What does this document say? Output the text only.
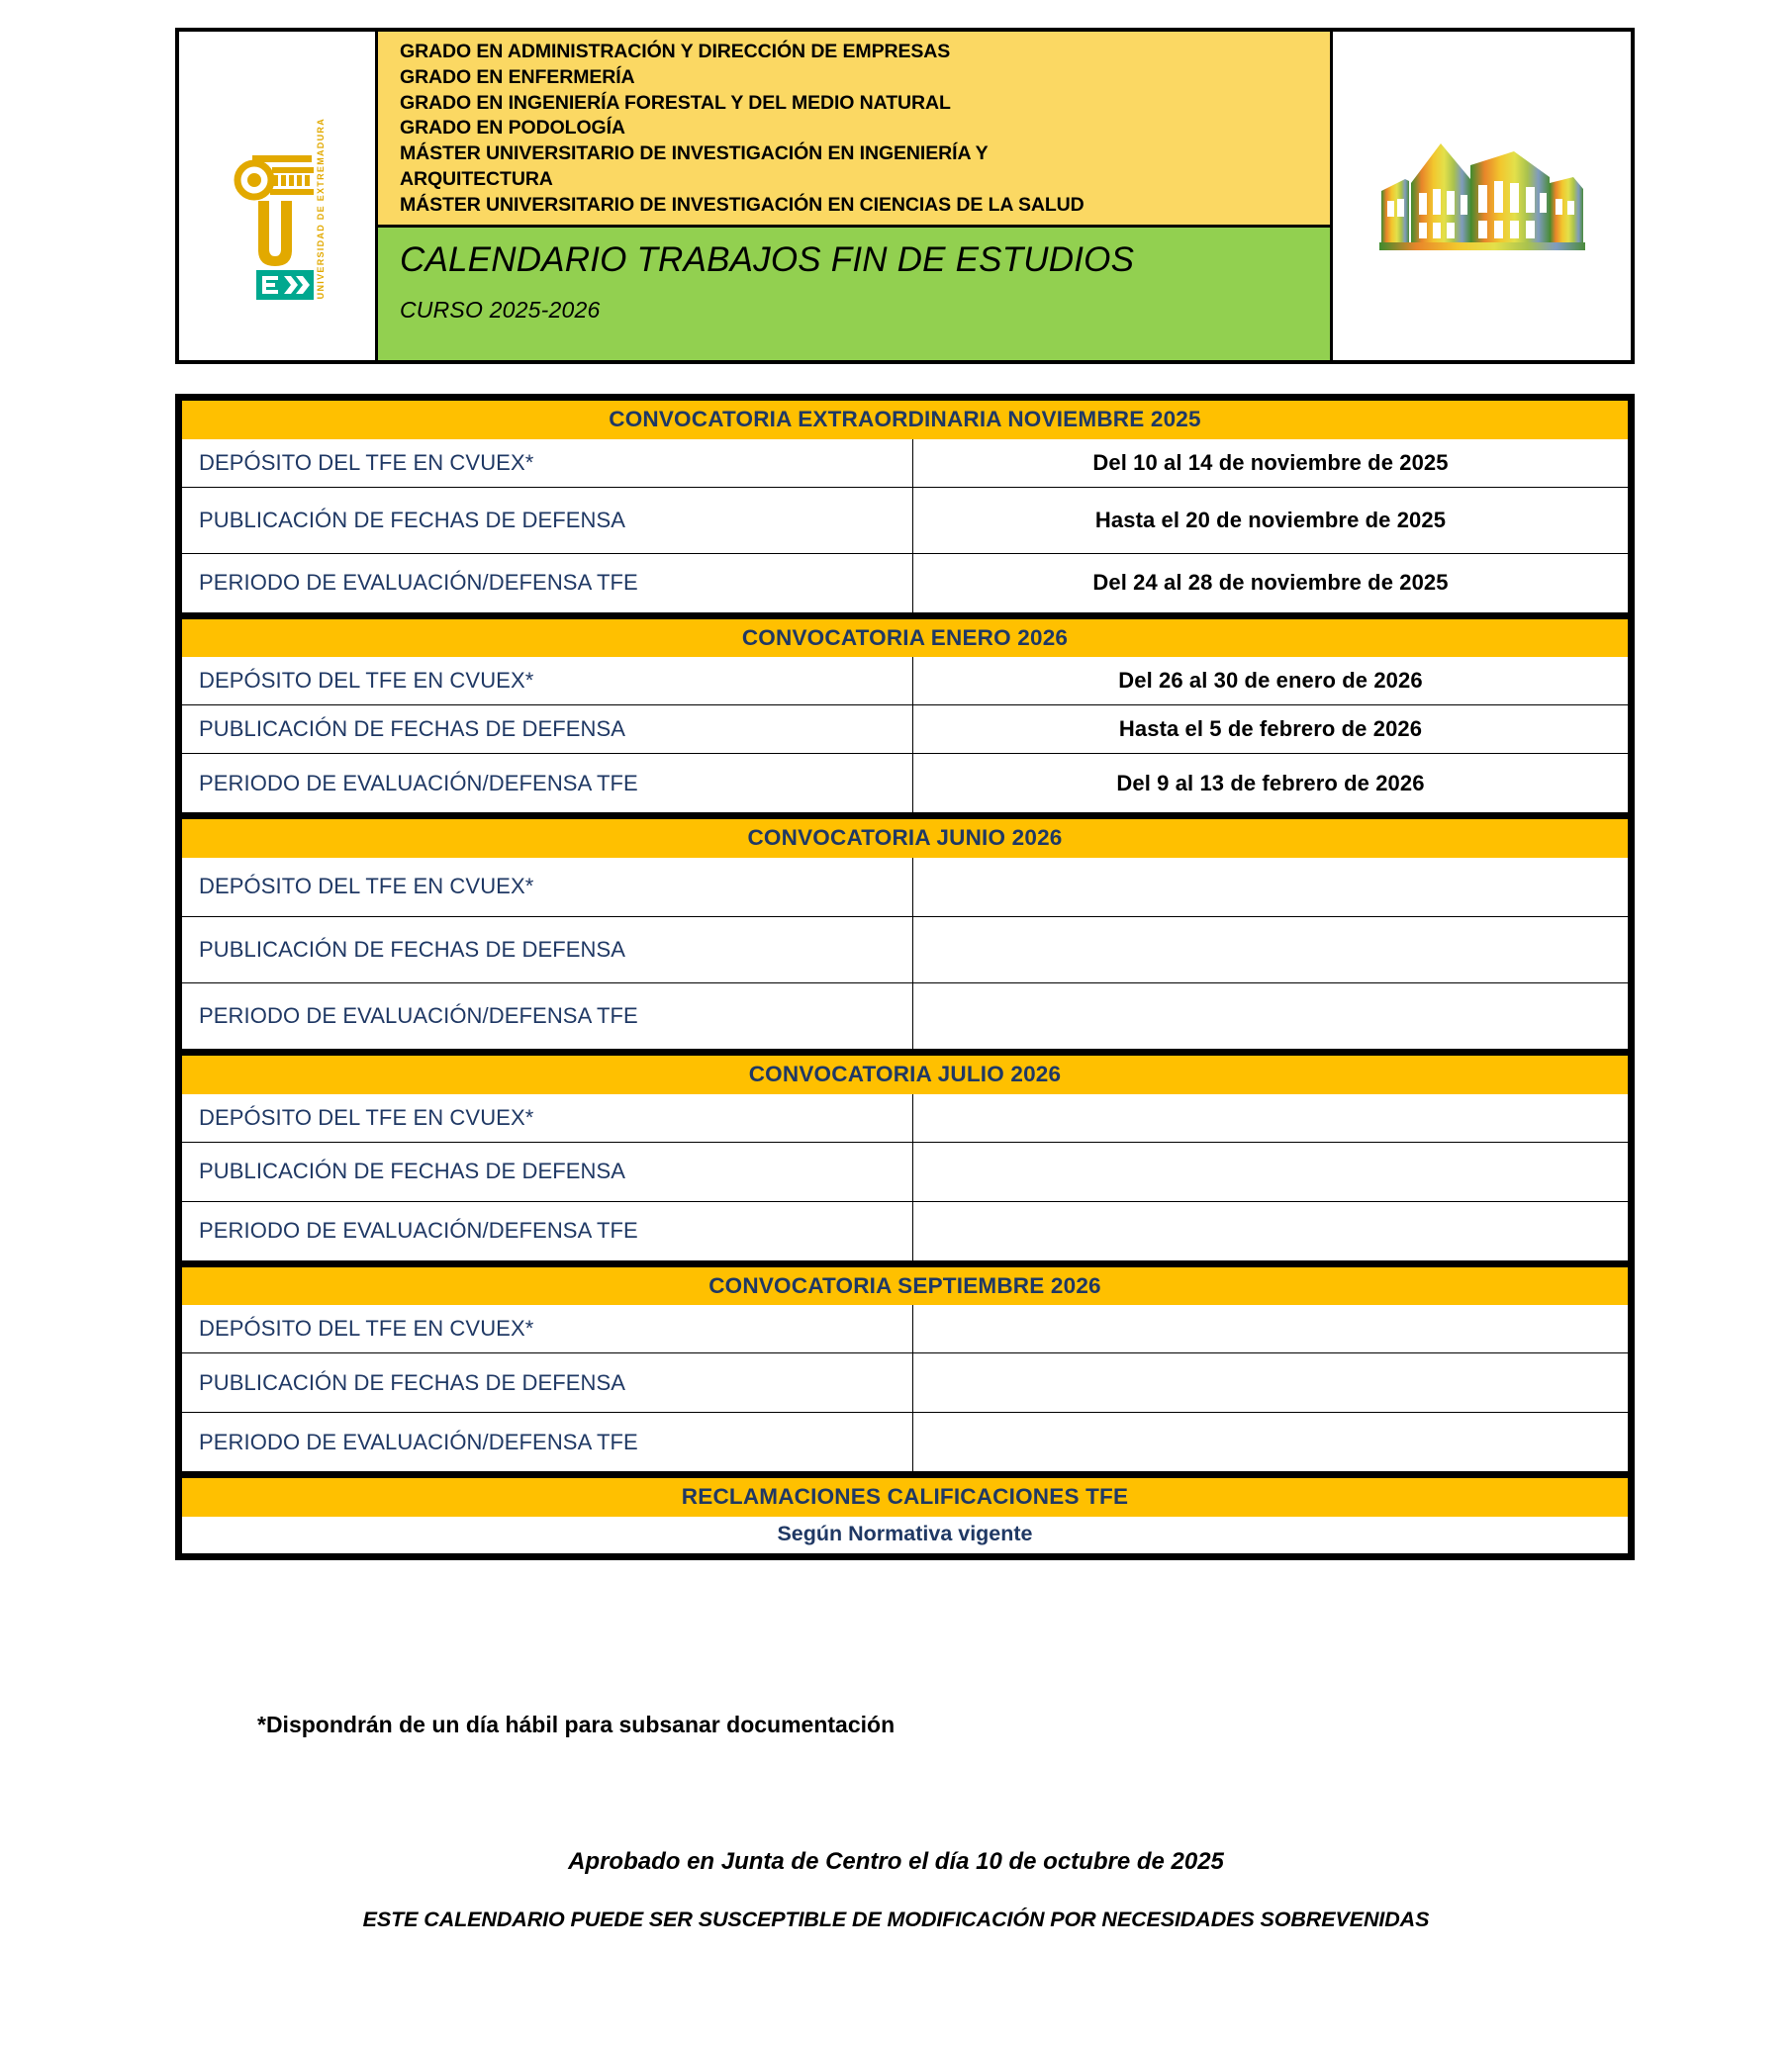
UNIVERSIDAD DE EXTREMADURA
GRADO EN ADMINISTRACIÓN Y DIRECCIÓN DE EMPRESAS
GRADO EN ENFERMERÍA
GRADO EN INGENIERÍA FORESTAL Y DEL MEDIO NATURAL
GRADO EN PODOLOGÍA
MÁSTER UNIVERSITARIO DE INVESTIGACIÓN EN INGENIERÍA Y
ARQUITECTURA
MÁSTER UNIVERSITARIO DE INVESTIGACIÓN EN CIENCIAS DE LA SALUD
CALENDARIO TRABAJOS FIN DE ESTUDIOS
CURSO 2025-2026
CONVOCATORIA EXTRAORDINARIA NOVIEMBRE 2025
DEPÓSITO DEL TFE EN CVUEX*	Del 10 al 14 de noviembre de 2025
PUBLICACIÓN DE FECHAS DE DEFENSA	Hasta el 20 de noviembre de 2025
PERIODO DE EVALUACIÓN/DEFENSA TFE	Del 24 al 28 de noviembre de 2025
CONVOCATORIA ENERO 2026
DEPÓSITO DEL TFE EN CVUEX*	Del 26 al 30 de enero de 2026
PUBLICACIÓN DE FECHAS DE DEFENSA	Hasta el 5 de febrero de 2026
PERIODO DE EVALUACIÓN/DEFENSA TFE	Del 9 al 13 de febrero de 2026
CONVOCATORIA JUNIO 2026
DEPÓSITO DEL TFE EN CVUEX*
PUBLICACIÓN DE FECHAS DE DEFENSA
PERIODO DE EVALUACIÓN/DEFENSA TFE
CONVOCATORIA JULIO 2026
DEPÓSITO DEL TFE EN CVUEX*
PUBLICACIÓN DE FECHAS DE DEFENSA
PERIODO DE EVALUACIÓN/DEFENSA TFE
CONVOCATORIA SEPTIEMBRE 2026
DEPÓSITO DEL TFE EN CVUEX*
PUBLICACIÓN DE FECHAS DE DEFENSA
PERIODO DE EVALUACIÓN/DEFENSA TFE
RECLAMACIONES CALIFICACIONES TFE
Según Normativa vigente
*Dispondrán de un día hábil para subsanar documentación
Aprobado en Junta de Centro el día 10 de octubre de 2025
ESTE CALENDARIO PUEDE SER SUSCEPTIBLE DE MODIFICACIÓN POR NECESIDADES SOBREVENIDAS
